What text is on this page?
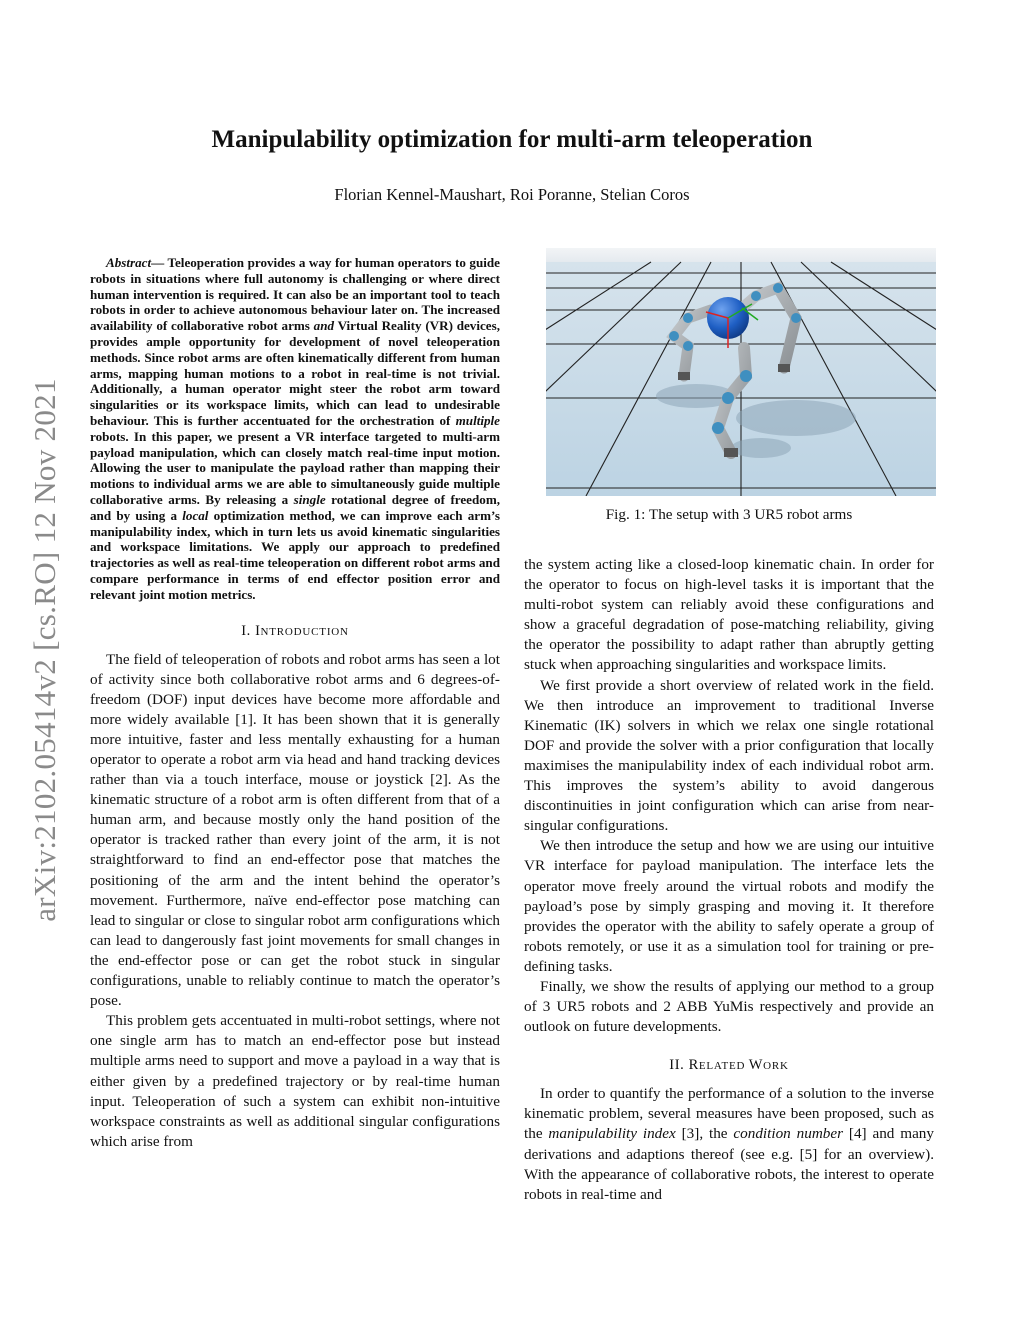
arXiv:2102.05414v2 [cs.RO] 12 Nov 2021
Manipulability optimization for multi-arm teleoperation
Florian Kennel-Maushart, Roi Poranne, Stelian Coros

Abstract— Teleoperation provides a way for human operators to guide robots in situations where full autonomy is challenging or where direct human intervention is required. It can also be an important tool to teach robots in order to achieve autonomous behaviour later on. The increased availability of collaborative robot arms and Virtual Reality (VR) devices, provides ample opportunity for development of novel teleoperation methods. Since robot arms are often kinematically different from human arms, mapping human motions to a robot in real-time is not trivial. Additionally, a human operator might steer the robot arm toward singularities or its workspace limits, which can lead to undesirable behaviour. This is further accentuated for the orchestration of multiple robots. In this paper, we present a VR interface targeted to multi-arm payload manipulation, which can closely match real-time input motion. Allowing the user to manipulate the payload rather than mapping their motions to individual arms we are able to simultaneously guide multiple collaborative arms. By releasing a single rotational degree of freedom, and by using a local optimization method, we can improve each arm’s manipulability index, which in turn lets us avoid kinematic singularities and workspace limitations. We apply our approach to predefined trajectories as well as real-time teleoperation on different robot arms and compare performance in terms of end effector position error and relevant joint motion metrics.

I. INTRODUCTION

The field of teleoperation of robots and robot arms has seen a lot of activity since both collaborative robot arms and 6 degrees-of-freedom (DOF) input devices have become more affordable and more widely available [1]. It has been shown that it is generally more intuitive, faster and less mentally exhausting for a human operator to operate a robot arm via head and hand tracking devices rather than via a touch interface, mouse or joystick [2]. As the kinematic structure of a robot arm is often different from that of a human arm, and because mostly only the hand position of the operator is tracked rather than every joint of the arm, it is not straightforward to find an end-effector pose that matches the positioning of the arm and the intent behind the operator’s movement. Furthermore, naïve end-effector pose matching can lead to singular or close to singular robot arm configurations which can lead to dangerously fast joint movements for small changes in the end-effector pose or can get the robot stuck in singular configurations, unable to reliably continue to match the operator’s pose.

This problem gets accentuated in multi-robot settings, where not one single arm has to match an end-effector pose but instead multiple arms need to support and move a payload in a way that is either given by a predefined trajectory or by real-time human input. Teleoperation of such a system can exhibit non-intuitive workspace constraints as well as additional singular configurations which arise from

Fig. 1: The setup with 3 UR5 robot arms

the system acting like a closed-loop kinematic chain. In order for the operator to focus on high-level tasks it is important that the multi-robot system can reliably avoid these configurations and show a graceful degradation of pose-matching reliability, giving the operator the possibility to adapt rather than abruptly getting stuck when approaching singularities and workspace limits.

We first provide a short overview of related work in the field. We then introduce an improvement to traditional Inverse Kinematic (IK) solvers in which we relax one single rotational DOF and provide the solver with a prior configuration that locally maximises the manipulability index of each individual robot arm. This improves the system’s ability to avoid dangerous discontinuities in joint configuration which can arise from near-singular configurations.

We then introduce the setup and how we are using our intuitive VR interface for payload manipulation. The interface lets the operator move freely around the virtual robots and modify the payload’s pose by simply grasping and moving it. It therefore provides the operator with the ability to safely operate a group of robots remotely, or use it as a simulation tool for training or pre-defining tasks.

Finally, we show the results of applying our method to a group of 3 UR5 robots and 2 ABB YuMis respectively and provide an outlook on future developments.

II. RELATED WORK

In order to quantify the performance of a solution to the inverse kinematic problem, several measures have been proposed, such as the manipulability index [3], the condition number [4] and many derivations and adaptions thereof (see e.g. [5] for an overview). With the appearance of collaborative robots, the interest to operate robots in real-time and
